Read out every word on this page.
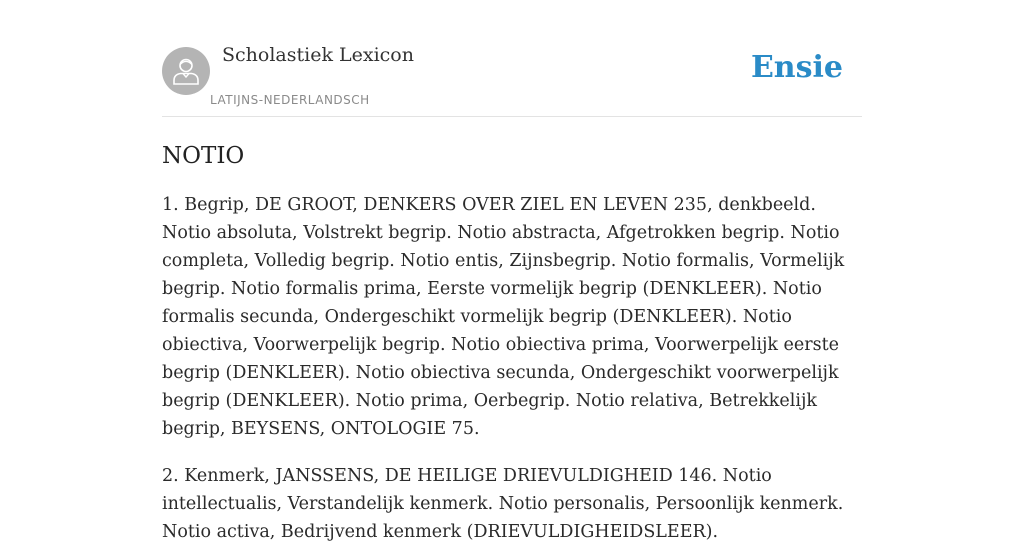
Scholastiek Lexicon
LATIJNS-NEDERLANDSCH
Ensie
NOTIO

1. Begrip, DE GROOT, DENKERS OVER ZIEL EN LEVEN 235, denkbeeld. Notio absoluta, Volstrekt begrip. Notio abstracta, Afgetrokken begrip. Notio completa, Volledig begrip. Notio entis, Zijnsbegrip. Notio formalis, Vormelijk begrip. Notio formalis prima, Eerste vormelijk begrip (DENKLEER). Notio formalis secunda, Ondergeschikt vormelijk begrip (DENKLEER). Notio obiectiva, Voorwerpelijk begrip. Notio obiectiva prima, Voorwerpelijk eerste begrip (DENKLEER). Notio obiectiva secunda, Ondergeschikt voorwerpelijk begrip (DENKLEER). Notio prima, Oerbegrip. Notio relativa, Betrekkelijk begrip, BEYSENS, ONTOLOGIE 75.

2. Kenmerk, JANSSENS, DE HEILIGE DRIEVULDIGHEID 146. Notio intellectualis, Verstandelijk kenmerk. Notio personalis, Persoonlijk kenmerk. Notio activa, Bedrijvend kenmerk (DRIEVULDIGHEIDSLEER).
